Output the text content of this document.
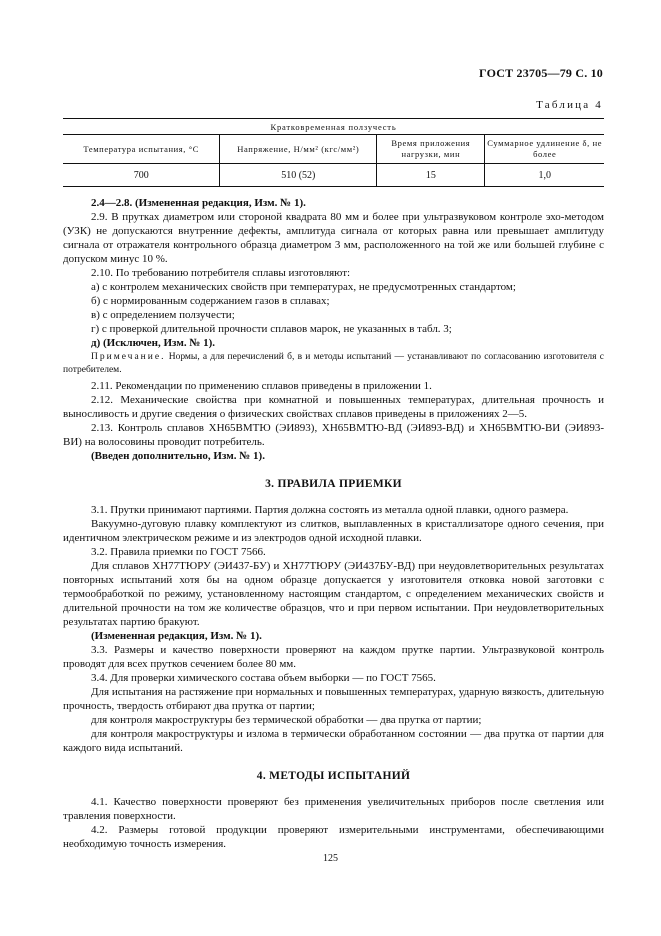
ГОСТ 23705—79 С. 10
Таблица 4
Кратковременная ползучесть			
Температура испытания, °С	Напряжение, Н/мм² (кгс/мм²)	Время приложения нагрузки, мин	Суммарное удлинение δ, не более
700	510 (52)	15	1,0

2.4—2.8. (Измененная редакция, Изм. № 1).

2.9. В прутках диаметром или стороной квадрата 80 мм и более при ультразвуковом контроле эхо-методом (УЗК) не допускаются внутренние дефекты, амплитуда сигнала от которых равна или превышает амплитуду сигнала от отражателя контрольного образца диаметром 3 мм, расположенного на той же или большей глубине с допуском минус 10 %.

2.10. По требованию потребителя сплавы изготовляют:

а) с контролем механических свойств при температурах, не предусмотренных стандартом;

б) с нормированным содержанием газов в сплавах;

в) с определением ползучести;

г) с проверкой длительной прочности сплавов марок, не указанных в табл. 3;

д) (Исключен, Изм. № 1).

Примечание. Нормы, а для перечислений б, в и методы испытаний — устанавливают по согласованию изготовителя с потребителем.

2.11. Рекомендации по применению сплавов приведены в приложении 1.

2.12. Механические свойства при комнатной и повышенных температурах, длительная прочность и выносливость и другие сведения о физических свойствах сплавов приведены в приложениях 2—5.

2.13. Контроль сплавов ХН65ВМТЮ (ЭИ893), ХН65ВМТЮ-ВД (ЭИ893-ВД) и ХН65ВМТЮ-ВИ (ЭИ893-ВИ) на волосовины проводит потребитель.

(Введен дополнительно, Изм. № 1).

3. ПРАВИЛА ПРИЕМКИ

3.1. Прутки принимают партиями. Партия должна состоять из металла одной плавки, одного размера.

Вакуумно-дуговую плавку комплектуют из слитков, выплавленных в кристаллизаторе одного сечения, при идентичном электрическом режиме и из электродов одной исходной плавки.

3.2. Правила приемки по ГОСТ 7566.

Для сплавов ХН77ТЮРУ (ЭИ437-БУ) и ХН77ТЮРУ (ЭИ437БУ-ВД) при неудовлетворительных результатах повторных испытаний хотя бы на одном образце допускается у изготовителя отковка новой заготовки с термообработкой по режиму, установленному настоящим стандартом, с определением механических свойств и длительной прочности на том же количестве образцов, что и при первом испытании. При неудовлетворительных результатах партию бракуют.

(Измененная редакция, Изм. № 1).

3.3. Размеры и качество поверхности проверяют на каждом прутке партии. Ультразвуковой контроль проводят для всех прутков сечением более 80 мм.

3.4. Для проверки химического состава объем выборки — по ГОСТ 7565.

Для испытания на растяжение при нормальных и повышенных температурах, ударную вязкость, длительную прочность, твердость отбирают два прутка от партии;

для контроля макроструктуры без термической обработки — два прутка от партии;

для контроля макроструктуры и излома в термически обработанном состоянии — два прутка от партии для каждого вида испытаний.

4. МЕТОДЫ ИСПЫТАНИЙ

4.1. Качество поверхности проверяют без применения увеличительных приборов после светления или травления поверхности.

4.2. Размеры готовой продукции проверяют измерительными инструментами, обеспечивающими необходимую точность измерения.

125
